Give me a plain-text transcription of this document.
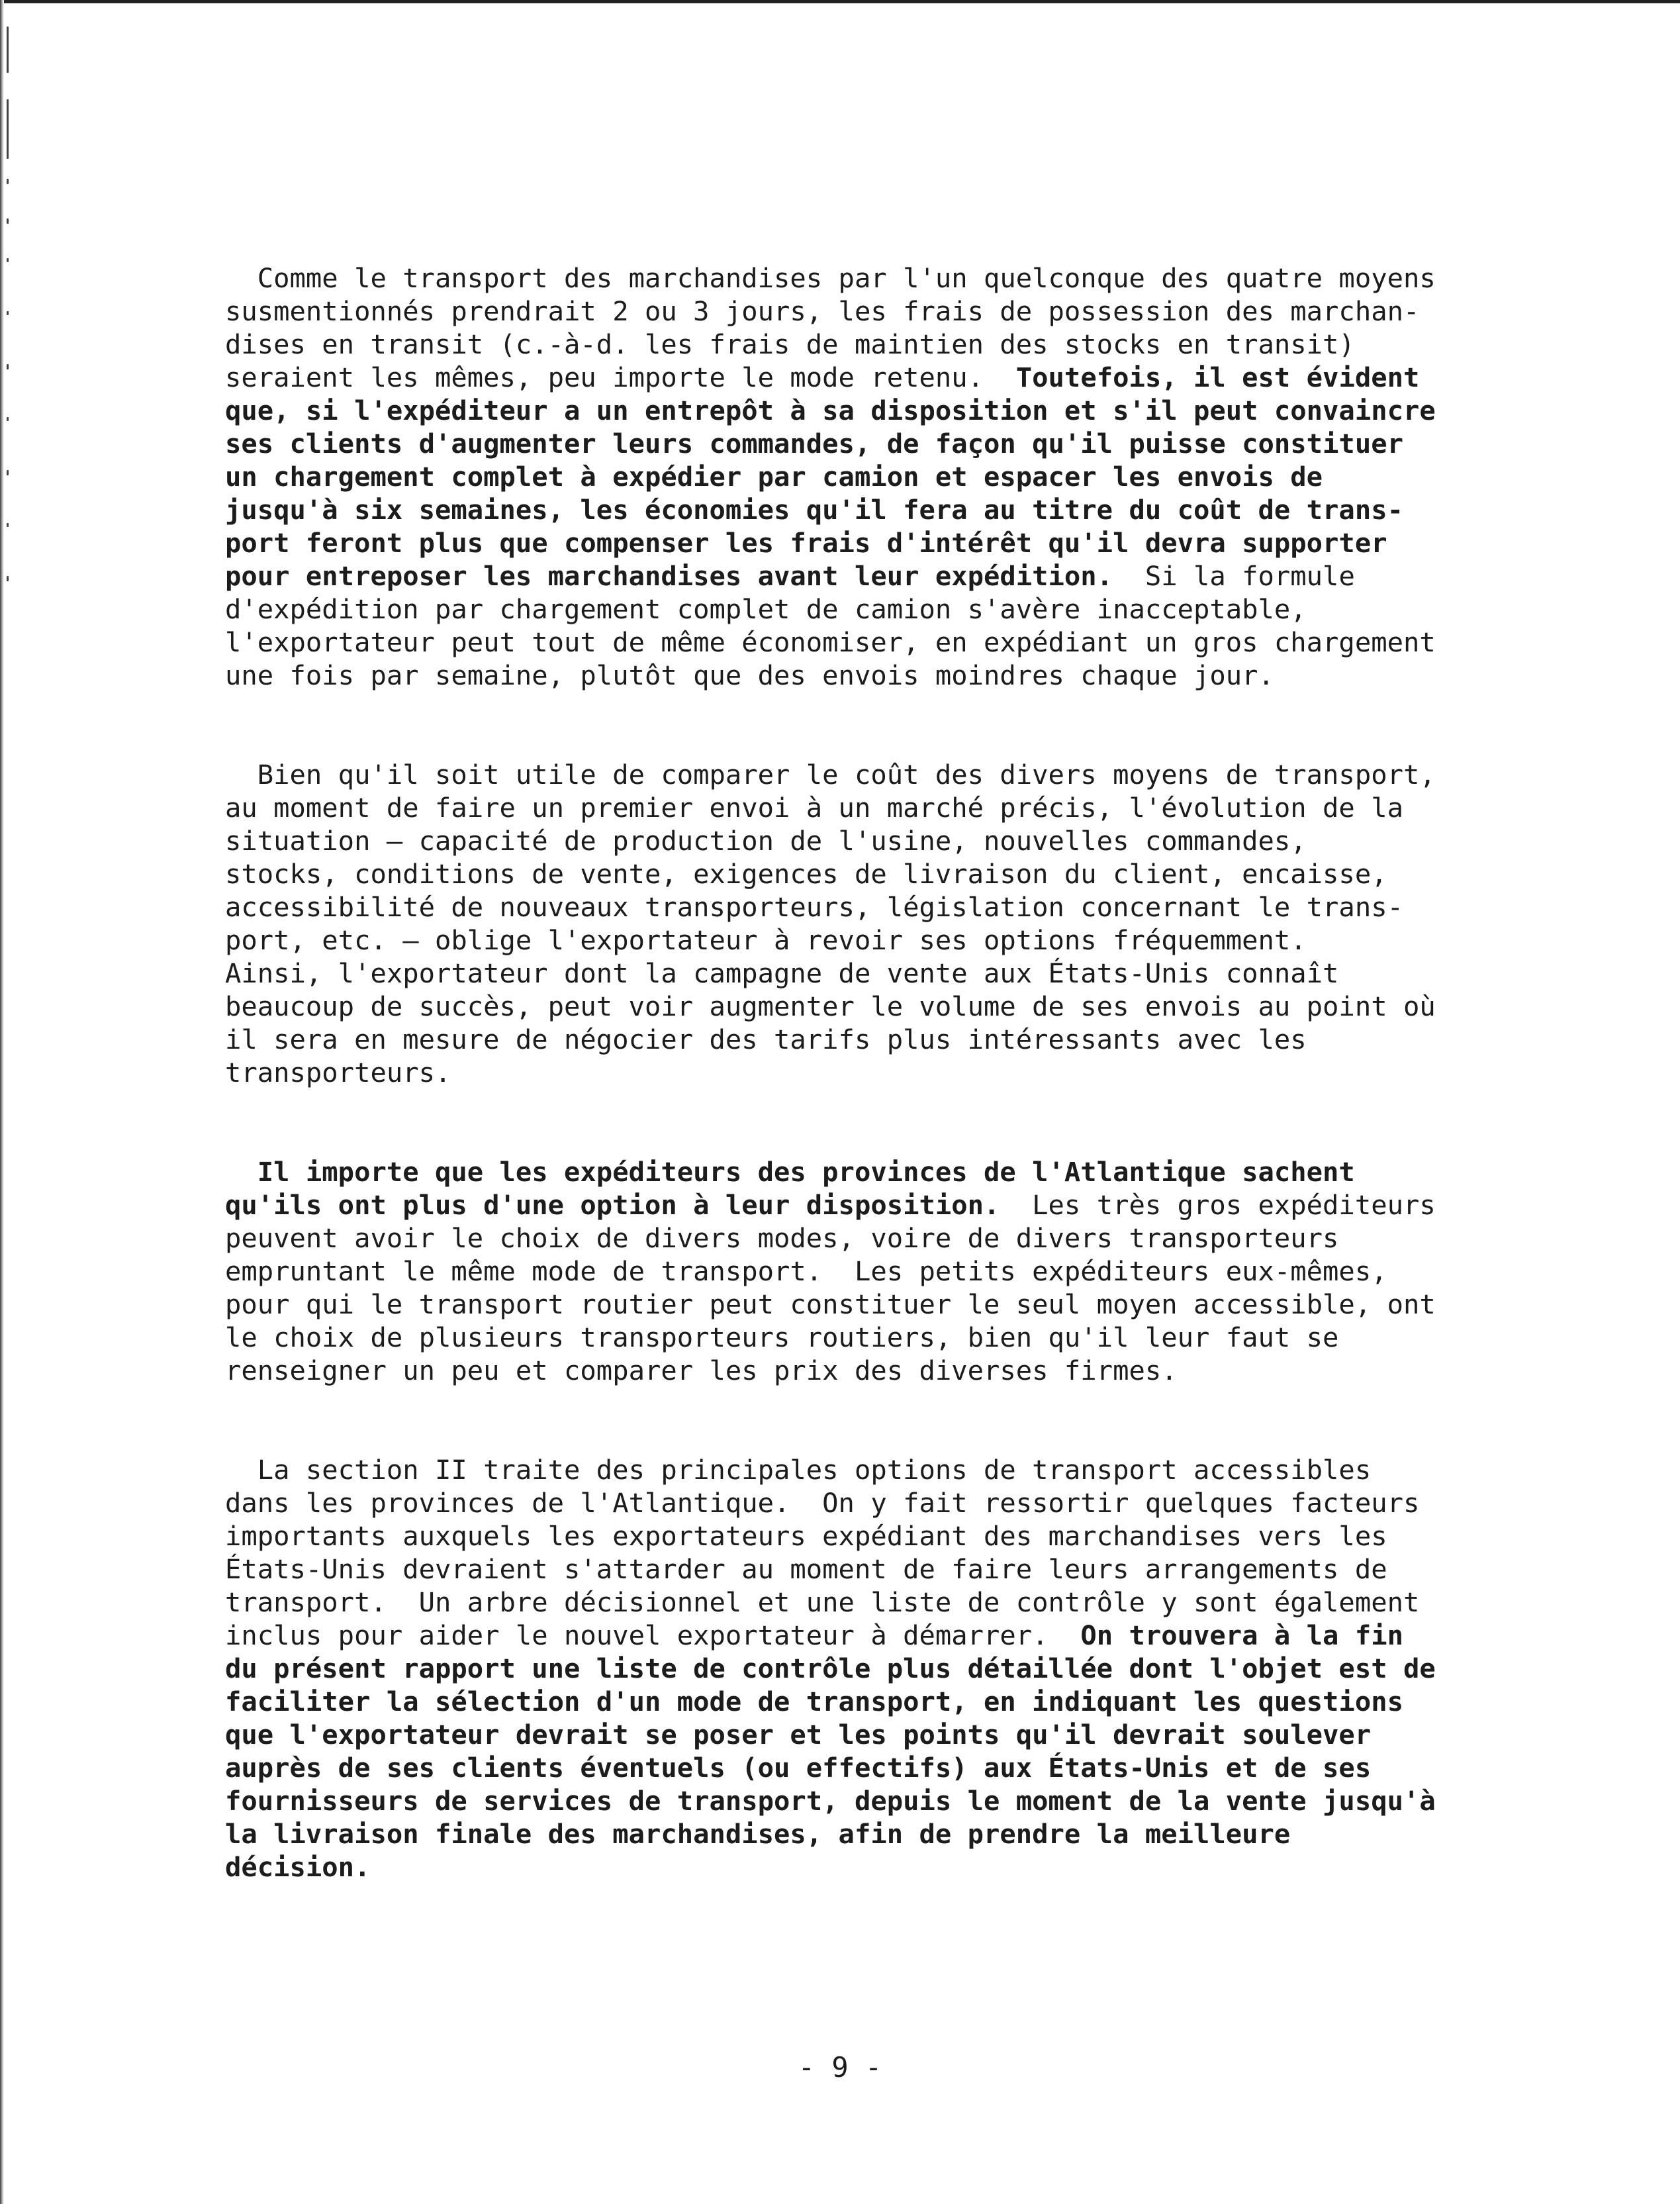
Comme le transport des marchandises par l'un quelconque des quatre moyens
susmentionnés prendrait 2 ou 3 jours, les frais de possession des marchan-
dises en transit (c.-à-d. les frais de maintien des stocks en transit)
seraient les mêmes, peu importe le mode retenu.  Toutefois, il est évident
que, si l'expéditeur a un entrepôt à sa disposition et s'il peut convaincre
ses clients d'augmenter leurs commandes, de façon qu'il puisse constituer
un chargement complet à expédier par camion et espacer les envois de
jusqu'à six semaines, les économies qu'il fera au titre du coût de trans-
port feront plus que compenser les frais d'intérêt qu'il devra supporter
pour entreposer les marchandises avant leur expédition.  Si la formule
d'expédition par chargement complet de camion s'avère inacceptable,
l'exportateur peut tout de même économiser, en expédiant un gros chargement
une fois par semaine, plutôt que des envois moindres chaque jour.

Bien qu'il soit utile de comparer le coût des divers moyens de transport,
au moment de faire un premier envoi à un marché précis, l'évolution de la
situation — capacité de production de l'usine, nouvelles commandes,
stocks, conditions de vente, exigences de livraison du client, encaisse,
accessibilité de nouveaux transporteurs, législation concernant le trans-
port, etc. — oblige l'exportateur à revoir ses options fréquemment.
Ainsi, l'exportateur dont la campagne de vente aux États-Unis connaît
beaucoup de succès, peut voir augmenter le volume de ses envois au point où
il sera en mesure de négocier des tarifs plus intéressants avec les
transporteurs.

Il importe que les expéditeurs des provinces de l'Atlantique sachent
qu'ils ont plus d'une option à leur disposition.  Les très gros expéditeurs
peuvent avoir le choix de divers modes, voire de divers transporteurs
empruntant le même mode de transport.  Les petits expéditeurs eux-mêmes,
pour qui le transport routier peut constituer le seul moyen accessible, ont
le choix de plusieurs transporteurs routiers, bien qu'il leur faut se
renseigner un peu et comparer les prix des diverses firmes.

La section II traite des principales options de transport accessibles
dans les provinces de l'Atlantique.  On y fait ressortir quelques facteurs
importants auxquels les exportateurs expédiant des marchandises vers les
États-Unis devraient s'attarder au moment de faire leurs arrangements de
transport.  Un arbre décisionnel et une liste de contrôle y sont également
inclus pour aider le nouvel exportateur à démarrer.  On trouvera à la fin
du présent rapport une liste de contrôle plus détaillée dont l'objet est de
faciliter la sélection d'un mode de transport, en indiquant les questions
que l'exportateur devrait se poser et les points qu'il devrait soulever
auprès de ses clients éventuels (ou effectifs) aux États-Unis et de ses
fournisseurs de services de transport, depuis le moment de la vente jusqu'à
la livraison finale des marchandises, afin de prendre la meilleure
décision.

- 9 -
